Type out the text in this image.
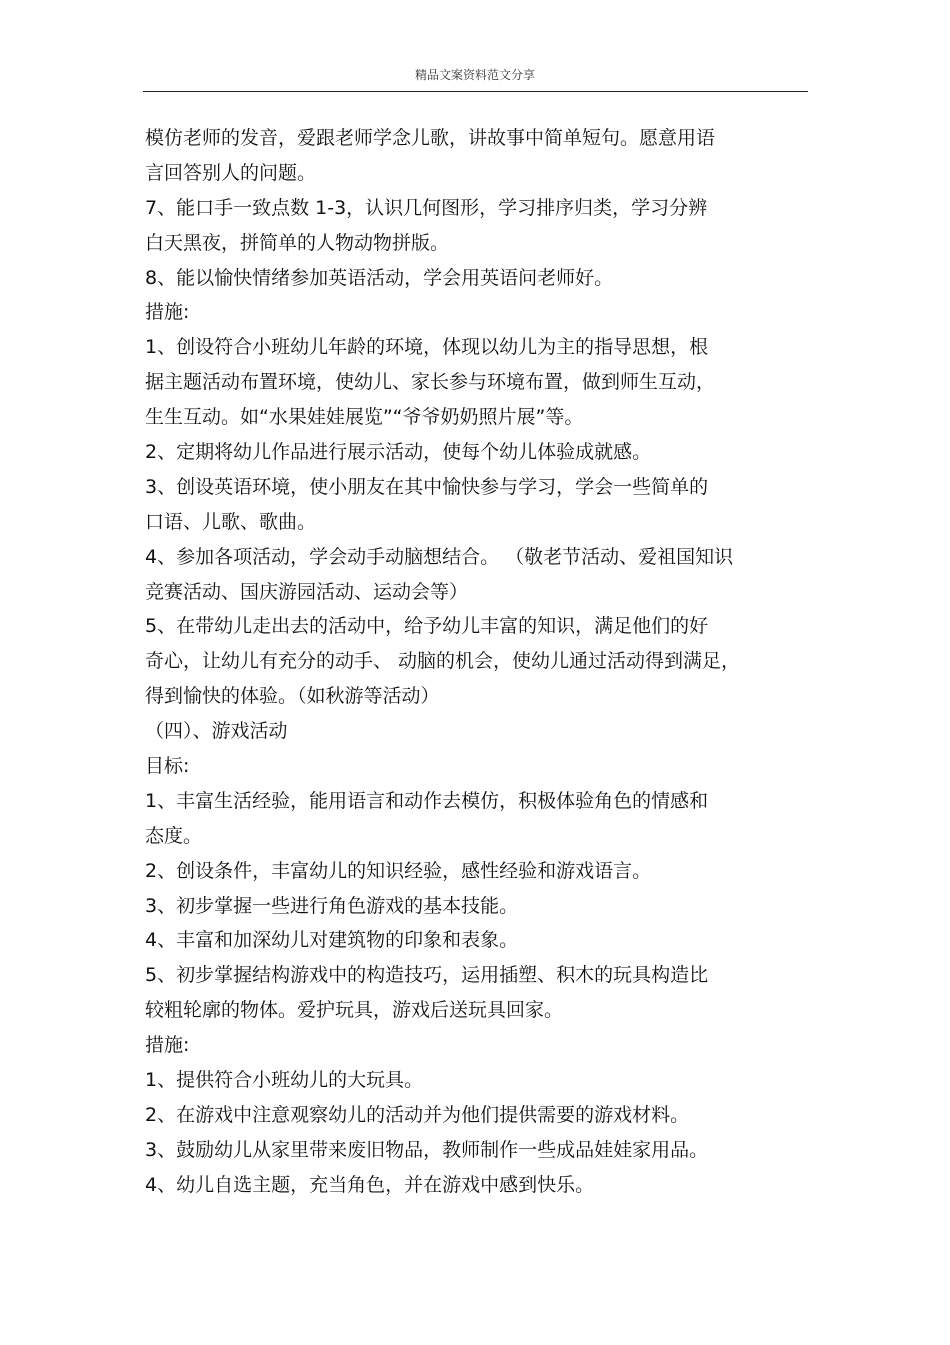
精品文案资料范文分享
模仿老师的发音，爱跟老师学念儿歌，讲故事中简单短句。愿意用语
言回答别人的问题。
7、能口手一致点数 1-3，认识几何图形，学习排序归类，学习分辨
白天黑夜，拼简单的人物动物拼版。
8、能以愉快情绪参加英语活动，学会用英语问老师好。
措施:
1、创设符合小班幼儿年龄的环境，体现以幼儿为主的指导思想，根
据主题活动布置环境，使幼儿、家长参与环境布置，做到师生互动，
生生互动。如“水果娃娃展览”“爷爷奶奶照片展”等。
2、定期将幼儿作品进行展示活动，使每个幼儿体验成就感。
3、创设英语环境，使小朋友在其中愉快参与学习，学会一些简单的
口语、儿歌、歌曲。
4、参加各项活动，学会动手动脑想结合。 （敬老节活动、爱祖国知识
竞赛活动、国庆游园活动、运动会等）
5、在带幼儿走出去的活动中，给予幼儿丰富的知识，满足他们的好
奇心，让幼儿有充分的动手、 动脑的机会，使幼儿通过活动得到满足，
得到愉快的体验。（如秋游等活动）
（四）、游戏活动
目标:
1、丰富生活经验，能用语言和动作去模仿，积极体验角色的情感和
态度。
2、创设条件，丰富幼儿的知识经验，感性经验和游戏语言。
3、初步掌握一些进行角色游戏的基本技能。
4、丰富和加深幼儿对建筑物的印象和表象。
5、初步掌握结构游戏中的构造技巧，运用插塑、积木的玩具构造比
较粗轮廓的物体。爱护玩具，游戏后送玩具回家。
措施:
1、提供符合小班幼儿的大玩具。
2、在游戏中注意观察幼儿的活动并为他们提供需要的游戏材料。
3、鼓励幼儿从家里带来废旧物品，教师制作一些成品娃娃家用品。
4、幼儿自选主题，充当角色，并在游戏中感到快乐。
